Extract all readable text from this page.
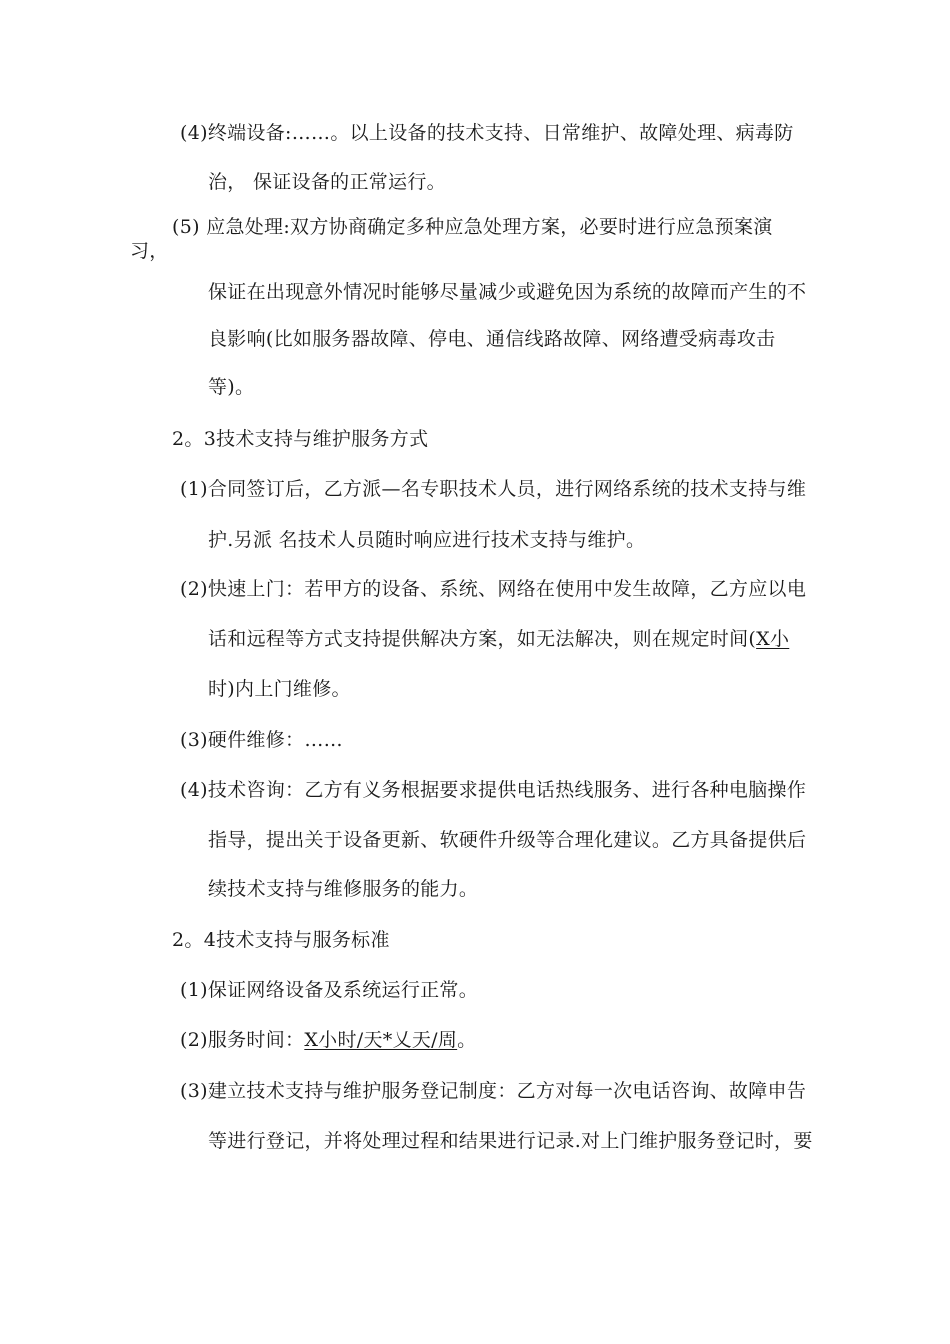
(4)终端设备:……。以上设备的技术支持、日常维护、故障处理、病毒防
治， 保证设备的正常运行。
(5) 应急处理:双方协商确定多种应急处理方案，必要时进行应急预案演
习，
保证在出现意外情况时能够尽量减少或避免因为系统的故障而产生的不
良影响(比如服务器故障、停电、通信线路故障、网络遭受病毒攻击
等)。
2。3技术支持与维护服务方式
(1)合同签订后，乙方派—名专职技术人员，进行网络系统的技术支持与维
护.另派 名技术人员随时响应进行技术支持与维护。
(2)快速上门：若甲方的设备、系统、网络在使用中发生故障，乙方应以电
话和远程等方式支持提供解决方案，如无法解决，则在规定时间(X小
时)内上门维修。
(3)硬件维修：……
(4)技术咨询：乙方有义务根据要求提供电话热线服务、进行各种电脑操作
指导，提出关于设备更新、软硬件升级等合理化建议。乙方具备提供后
续技术支持与维修服务的能力。
2。4技术支持与服务标准
(1)保证网络设备及系统运行正常。
(2)服务时间：X小时/天*乂天/周。
(3)建立技术支持与维护服务登记制度：乙方对每一次电话咨询、故障申告
等进行登记，并将处理过程和结果进行记录.对上门维护服务登记时，要
